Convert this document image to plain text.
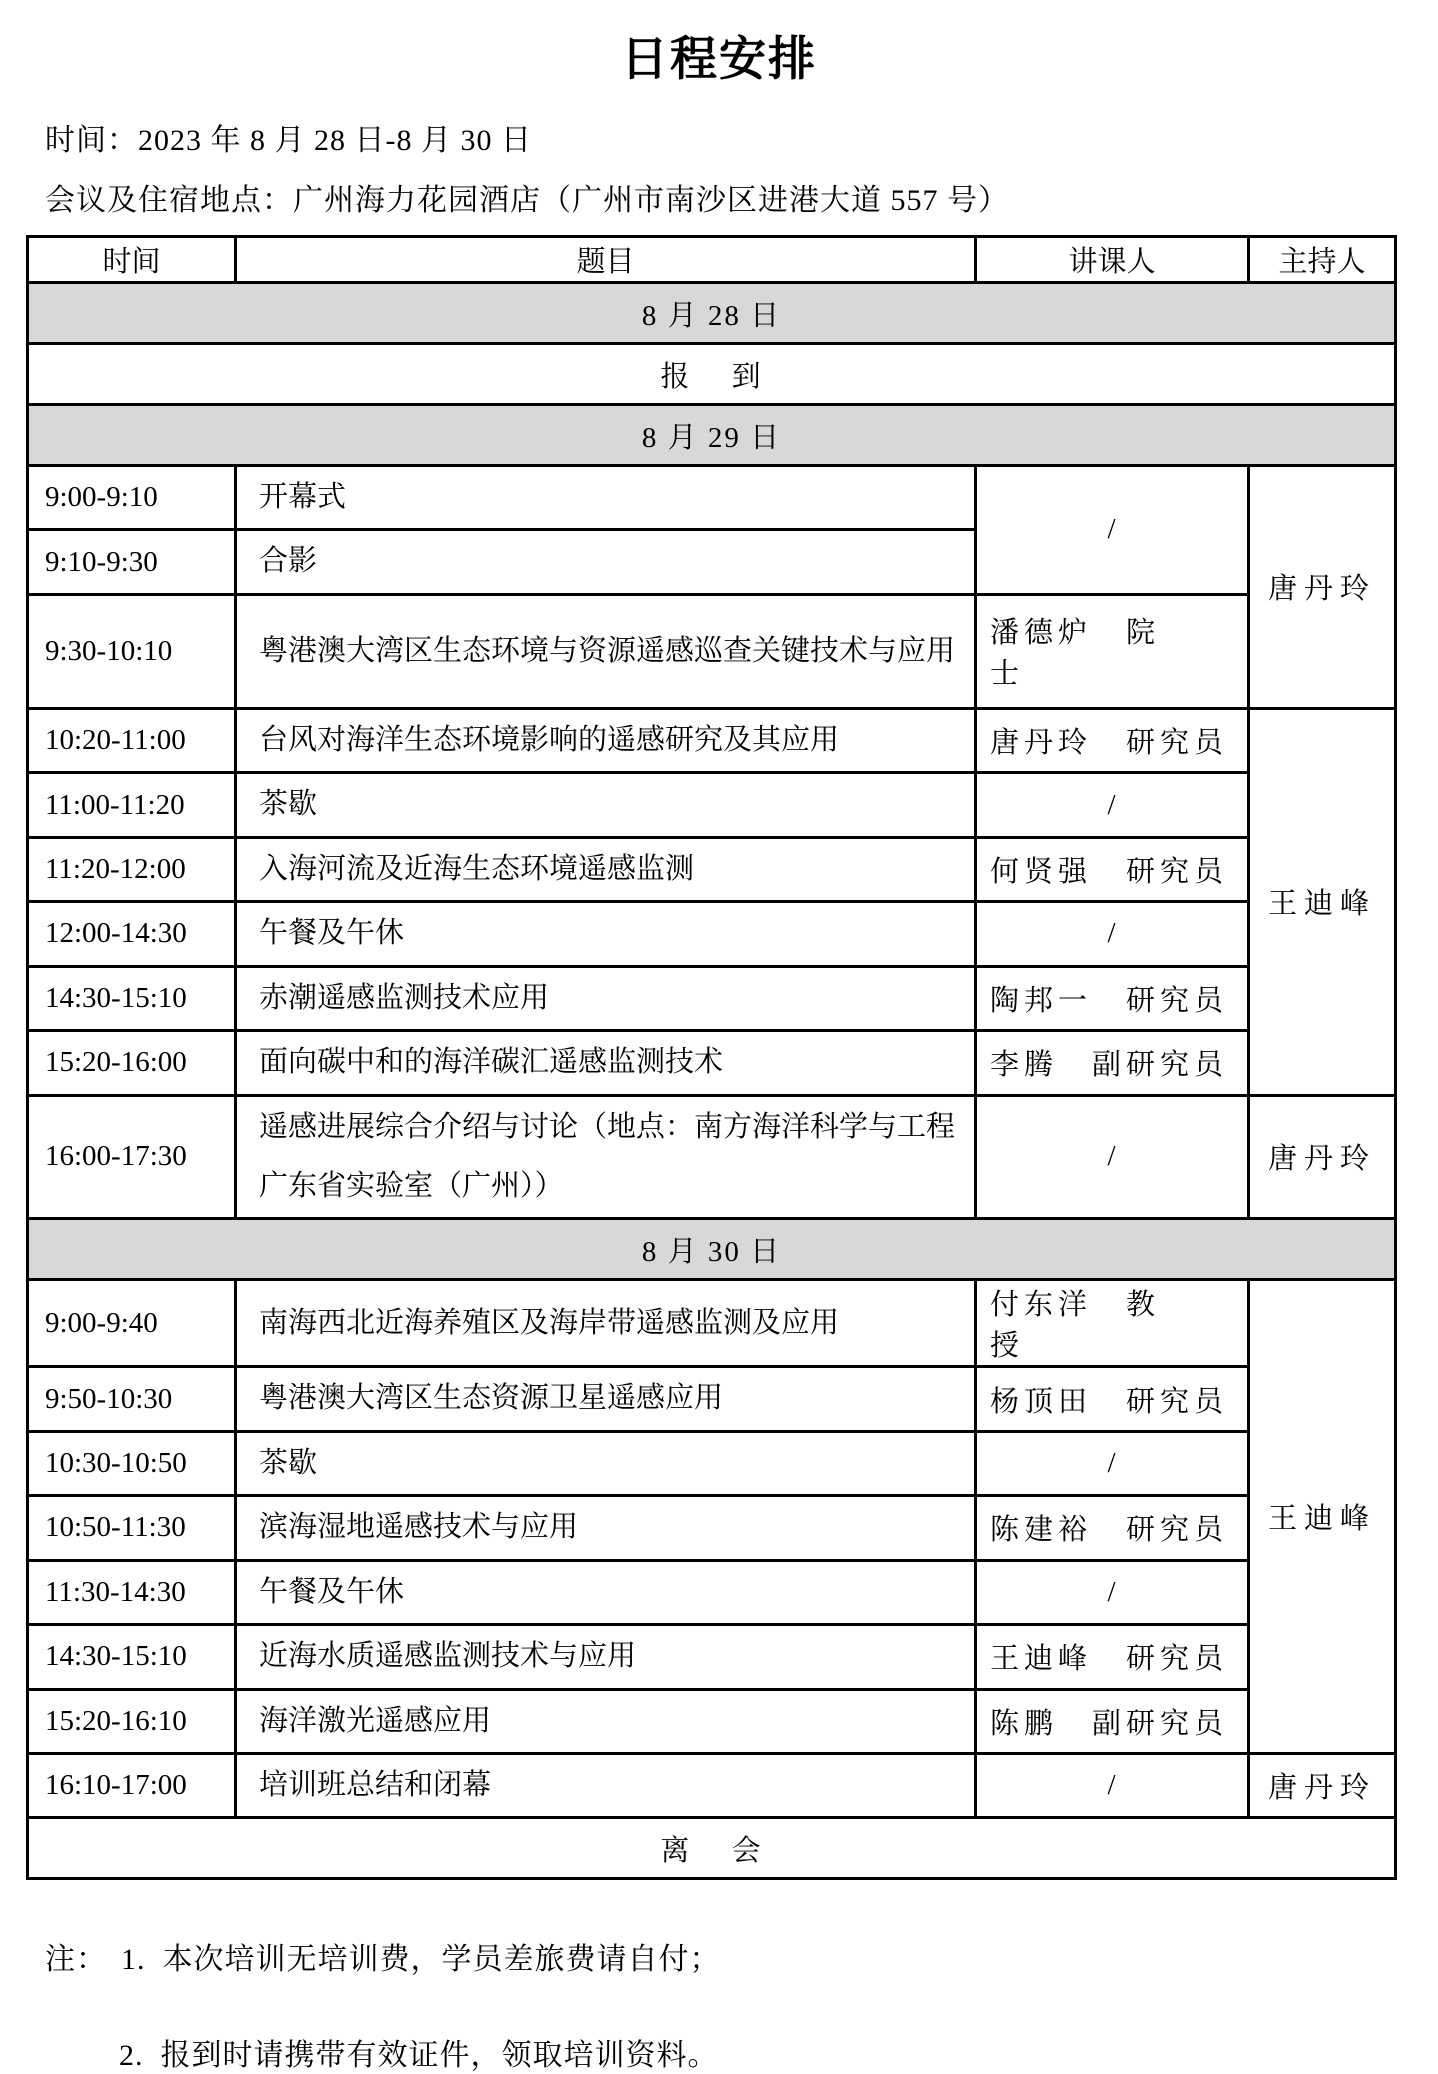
日程安排
时间：2023 年 8 月 28 日-8 月 30 日
会议及住宿地点：广州海力花园酒店（广州市南沙区进港大道 557 号）
时间	题目	讲课人	主持人
8 月 28 日			
报　 到			
8 月 29 日			
9:00-9:10	开幕式	/	唐丹玲
9:10-9:30	合影		
9:30-10:10	粤港澳大湾区生态环境与资源遥感巡查关键技术与应用	潘德炉　院　　士	
10:20-11:00	台风对海洋生态环境影响的遥感研究及其应用	唐丹玲　研究员	王迪峰
11:00-11:20	茶歇	/	
11:20-12:00	入海河流及近海生态环境遥感监测	何贤强　研究员	
12:00-14:30	午餐及午休	/	
14:30-15:10	赤潮遥感监测技术应用	陶邦一　研究员	
15:20-16:00	面向碳中和的海洋碳汇遥感监测技术	李腾　副研究员	
16:00-17:30	遥感进展综合介绍与讨论（地点：南方海洋科学与工程广东省实验室（广州））	/	唐丹玲
8 月 30 日			
9:00-9:40	南海西北近海养殖区及海岸带遥感监测及应用	付东洋　教　　授	王迪峰
9:50-10:30	粤港澳大湾区生态资源卫星遥感应用	杨顶田　研究员	
10:30-10:50	茶歇	/	
10:50-11:30	滨海湿地遥感技术与应用	陈建裕　研究员	
11:30-14:30	午餐及午休	/	
14:30-15:10	近海水质遥感监测技术与应用	王迪峰　研究员	
15:20-16:10	海洋激光遥感应用	陈鹏　副研究员	
16:10-17:00	培训班总结和闭幕	/	唐丹玲
离　 会			
注： 1.  本次培训无培训费，学员差旅费请自付；
2.  报到时请携带有效证件，领取培训资料。
